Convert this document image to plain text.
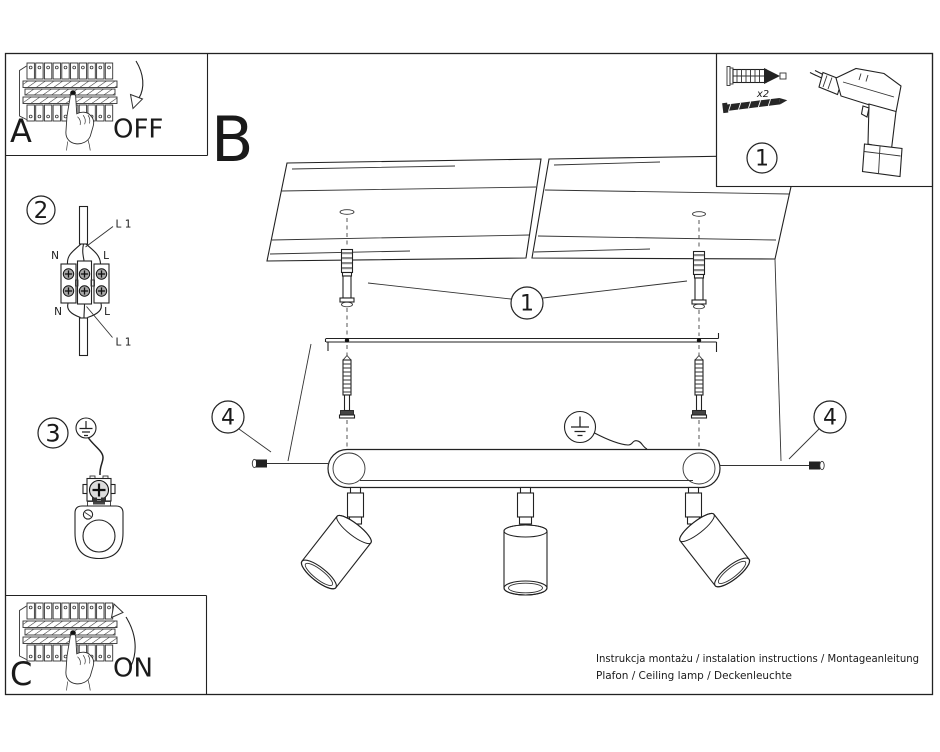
1
4	4
B
x2
1
A	OFF
2
L 1
L 1
N	L
N	L
3
C	ON	Instrukcja montażu / instalation instructions / Montageanleitung
Plafon / Ceiling lamp / Deckenleuchte
